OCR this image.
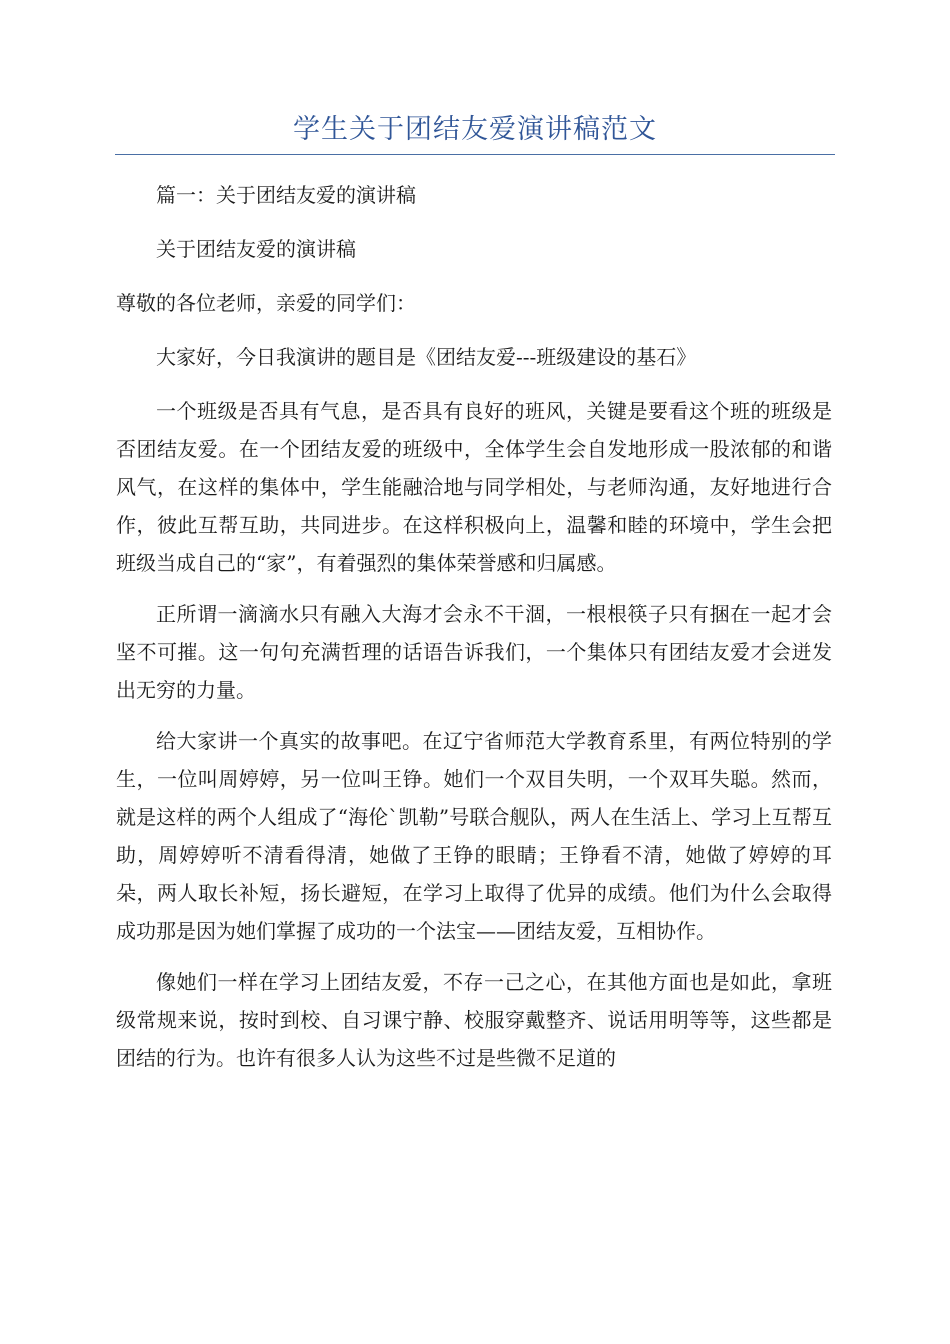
学生关于团结友爱演讲稿范文

篇一：关于团结友爱的演讲稿

关于团结友爱的演讲稿

尊敬的各位老师，亲爱的同学们：

大家好，今日我演讲的题目是《团结友爱---班级建设的基石》

一个班级是否具有气息，是否具有良好的班风，关键是要看这个班的班级是否团结友爱。在一个团结友爱的班级中，全体学生会自发地形成一股浓郁的和谐风气，在这样的集体中，学生能融洽地与同学相处，与老师沟通，友好地进行合作，彼此互帮互助，共同进步。在这样积极向上，温馨和睦的环境中，学生会把班级当成自己的“家”，有着强烈的集体荣誉感和归属感。

正所谓一滴滴水只有融入大海才会永不干涸，一根根筷子只有捆在一起才会坚不可摧。这一句句充满哲理的话语告诉我们，一个集体只有团结友爱才会迸发出无穷的力量。

给大家讲一个真实的故事吧。在辽宁省师范大学教育系里，有两位特别的学生，一位叫周婷婷，另一位叫王铮。她们一个双目失明，一个双耳失聪。然而，就是这样的两个人组成了“海伦`凯勒”号联合舰队，两人在生活上、学习上互帮互助，周婷婷听不清看得清，她做了王铮的眼睛；王铮看不清，她做了婷婷的耳朵，两人取长补短，扬长避短，在学习上取得了优异的成绩。他们为什么会取得成功那是因为她们掌握了成功的一个法宝——团结友爱，互相协作。

像她们一样在学习上团结友爱，不存一己之心，在其他方面也是如此，拿班级常规来说，按时到校、自习课宁静、校服穿戴整齐、说话用明等等，这些都是团结的行为。也许有很多人认为这些不过是些微不足道的
